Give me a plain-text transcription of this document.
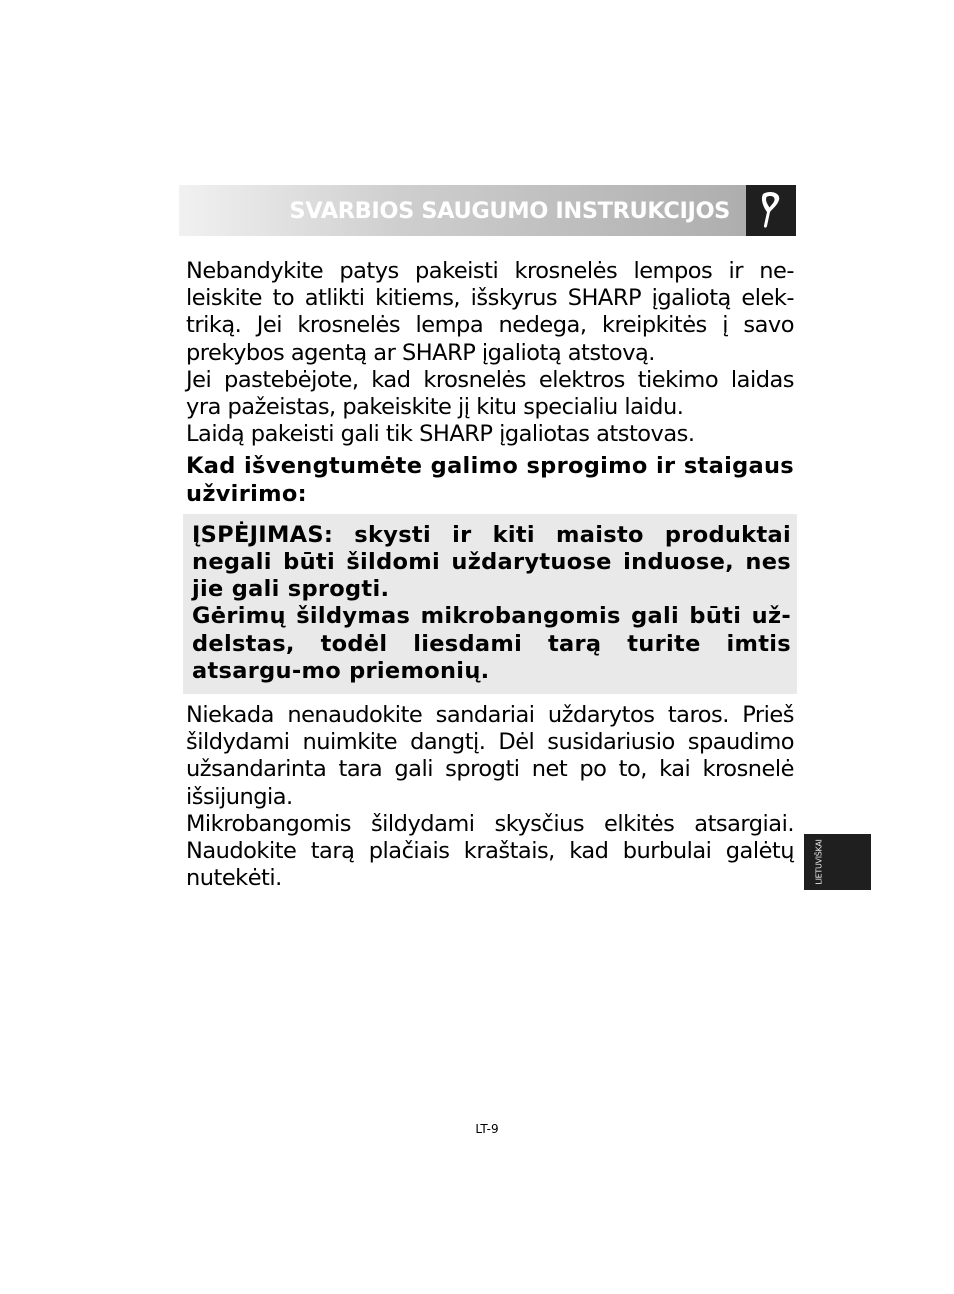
SVARBIOS SAUGUMO INSTRUKCIJOS

Nebandykite patys pakeisti krosnelės lempos ir ne-leiskite to atlikti kitiems, išskyrus SHARP įgaliotą elek-triką. Jei krosnelės lempa nedega, kreipkitės į savo prekybos agentą ar SHARP įgaliotą atstovą.

Jei pastebėjote, kad krosnelės elektros tiekimo laidas yra pažeistas, pakeiskite jį kitu specialiu laidu.

Laidą pakeisti gali tik SHARP įgaliotas atstovas.

Kad išvengtumėte galimo sprogimo ir staigaus užvirimo:

ĮSPĖJIMAS: skysti ir kiti maisto produktai negali būti šildomi uždarytuose induose, nes jie gali sprogti.

Gėrimų šildymas mikrobangomis gali būti už-delstas, todėl liesdami tarą turite imtis atsargu-mo priemonių.

Niekada nenaudokite sandariai uždarytos taros. Prieš šildydami nuimkite dangtį. Dėl susidariusio spaudimo užsandarinta tara gali sprogti net po to, kai krosnelė išsijungia.

Mikrobangomis šildydami skysčius elkitės atsargiai. Naudokite tarą plačiais kraštais, kad burbulai galėtų nutekėti.	LIETUVIŠKAI
LT-9
